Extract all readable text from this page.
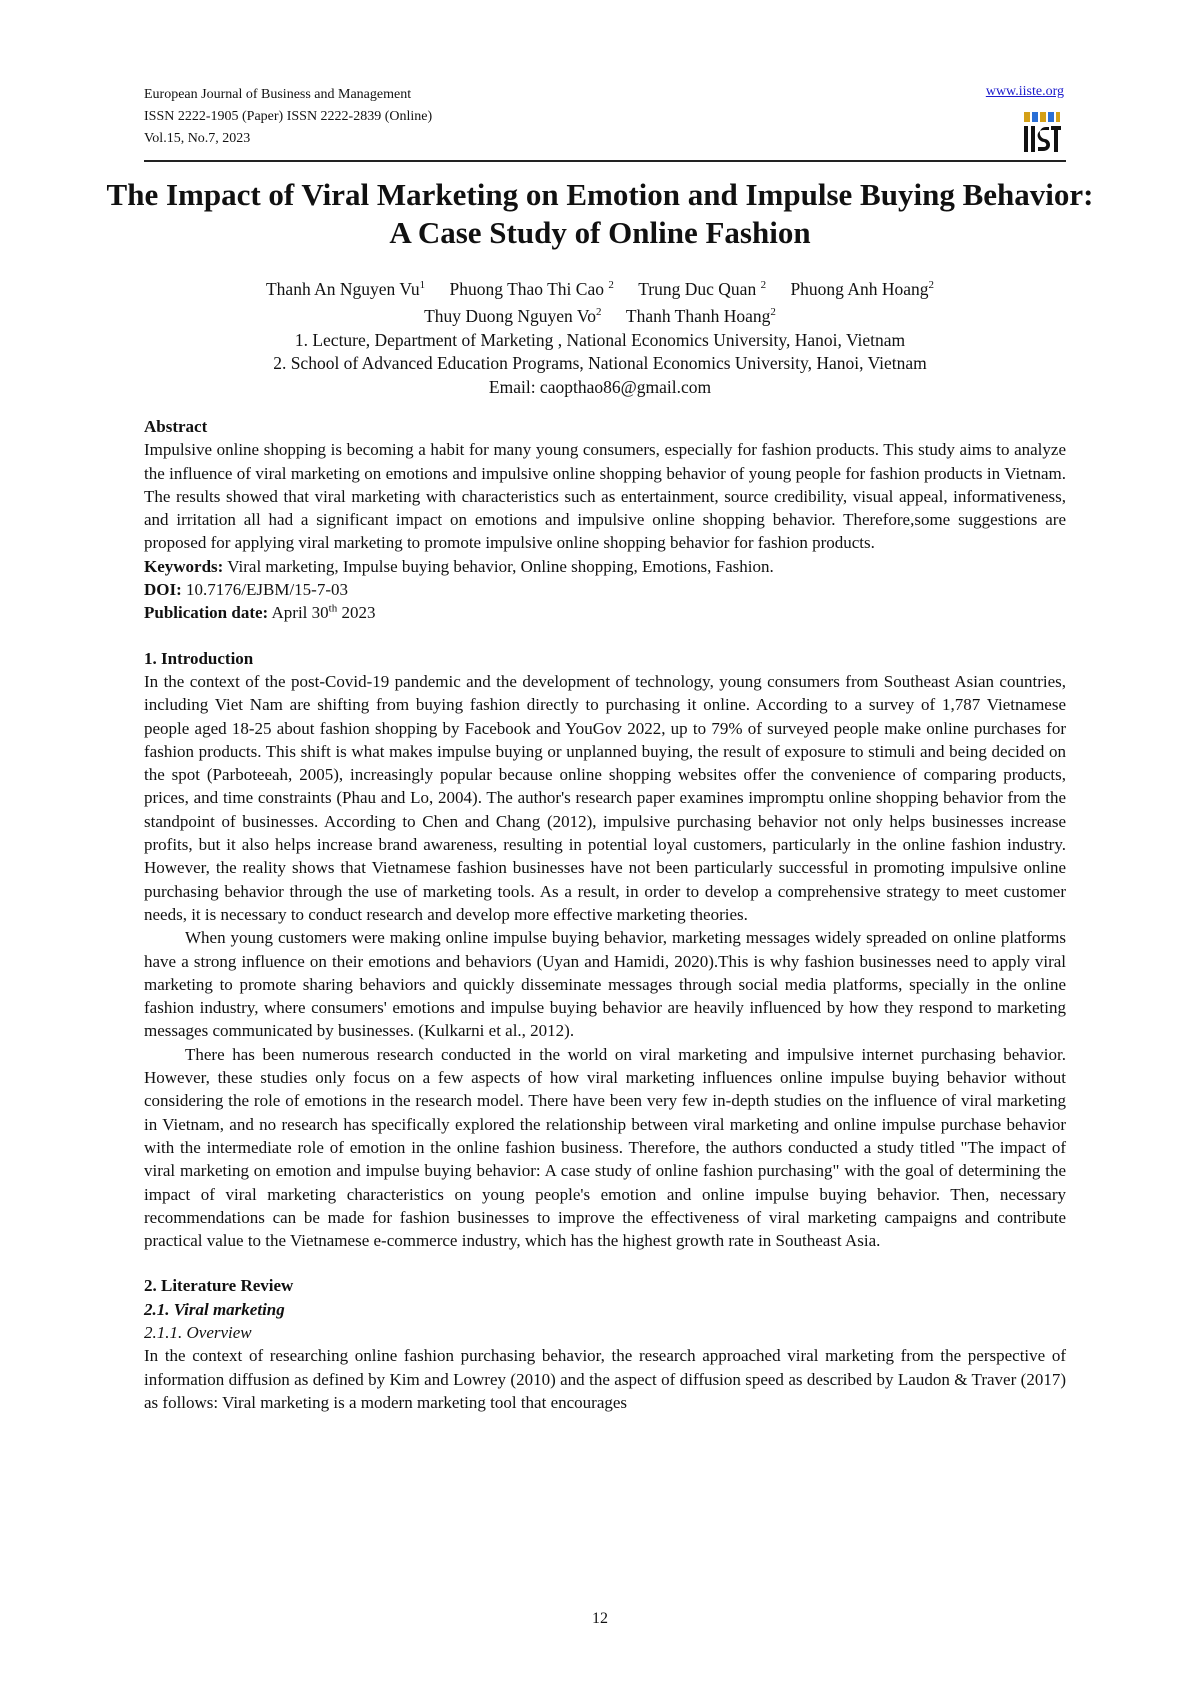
European Journal of Business and Management
ISSN 2222-1905 (Paper) ISSN 2222-2839 (Online)
Vol.15, No.7, 2023
www.iiste.org
The Impact of Viral Marketing on Emotion and Impulse Buying Behavior: A Case Study of Online Fashion
Thanh An Nguyen Vu$^1$ Phuong Thao Thi Cao $^2$ Trung Duc Quan $^2$ Phuong Anh Hoang$^2$
Thuy Duong Nguyen Vo$^2$ Thanh Thanh Hoang$^2$
1. Lecture, Department of Marketing , National Economics University, Hanoi, Vietnam
2. School of Advanced Education Programs, National Economics University, Hanoi, Vietnam
Email: caopthao86@gmail.com

Abstract

Impulsive online shopping is becoming a habit for many young consumers, especially for fashion products. This study aims to analyze the influence of viral marketing on emotions and impulsive online shopping behavior of young people for fashion products in Vietnam. The results showed that viral marketing with characteristics such as entertainment, source credibility, visual appeal, informativeness, and irritation all had a significant impact on emotions and impulsive online shopping behavior. Therefore,some suggestions are proposed for applying viral marketing to promote impulsive online shopping behavior for fashion products.

Keywords: Viral marketing, Impulse buying behavior, Online shopping, Emotions, Fashion.

DOI: 10.7176/EJBM/15-7-03

Publication date: April 30th 2023

1. Introduction

In the context of the post-Covid-19 pandemic and the development of technology, young consumers from Southeast Asian countries, including Viet Nam are shifting from buying fashion directly to purchasing it online. According to a survey of 1,787 Vietnamese people aged 18-25 about fashion shopping by Facebook and YouGov 2022, up to 79% of surveyed people make online purchases for fashion products. This shift is what makes impulse buying or unplanned buying, the result of exposure to stimuli and being decided on the spot (Parboteeah, 2005), increasingly popular because online shopping websites offer the convenience of comparing products, prices, and time constraints (Phau and Lo, 2004). The author's research paper examines impromptu online shopping behavior from the standpoint of businesses. According to Chen and Chang (2012), impulsive purchasing behavior not only helps businesses increase profits, but it also helps increase brand awareness, resulting in potential loyal customers, particularly in the online fashion industry. However, the reality shows that Vietnamese fashion businesses have not been particularly successful in promoting impulsive online purchasing behavior through the use of marketing tools. As a result, in order to develop a comprehensive strategy to meet customer needs, it is necessary to conduct research and develop more effective marketing theories.

When young customers were making online impulse buying behavior, marketing messages widely spreaded on online platforms have a strong influence on their emotions and behaviors (Uyan and Hamidi, 2020).This is why fashion businesses need to apply viral marketing to promote sharing behaviors and quickly disseminate messages through social media platforms, specially in the online fashion industry, where consumers' emotions and impulse buying behavior are heavily influenced by how they respond to marketing messages communicated by businesses. (Kulkarni et al., 2012).

There has been numerous research conducted in the world on viral marketing and impulsive internet purchasing behavior. However, these studies only focus on a few aspects of how viral marketing influences online impulse buying behavior without considering the role of emotions in the research model. There have been very few in-depth studies on the influence of viral marketing in Vietnam, and no research has specifically explored the relationship between viral marketing and online impulse purchase behavior with the intermediate role of emotion in the online fashion business. Therefore, the authors conducted a study titled "The impact of viral marketing on emotion and impulse buying behavior: A case study of online fashion purchasing" with the goal of determining the impact of viral marketing characteristics on young people's emotion and online impulse buying behavior. Then, necessary recommendations can be made for fashion businesses to improve the effectiveness of viral marketing campaigns and contribute practical value to the Vietnamese e-commerce industry, which has the highest growth rate in Southeast Asia.

2. Literature Review

2.1. Viral marketing

2.1.1. Overview

In the context of researching online fashion purchasing behavior, the research approached viral marketing from the perspective of information diffusion as defined by Kim and Lowrey (2010) and the aspect of diffusion speed as described by Laudon & Traver (2017) as follows: Viral marketing is a modern marketing tool that encourages

12
